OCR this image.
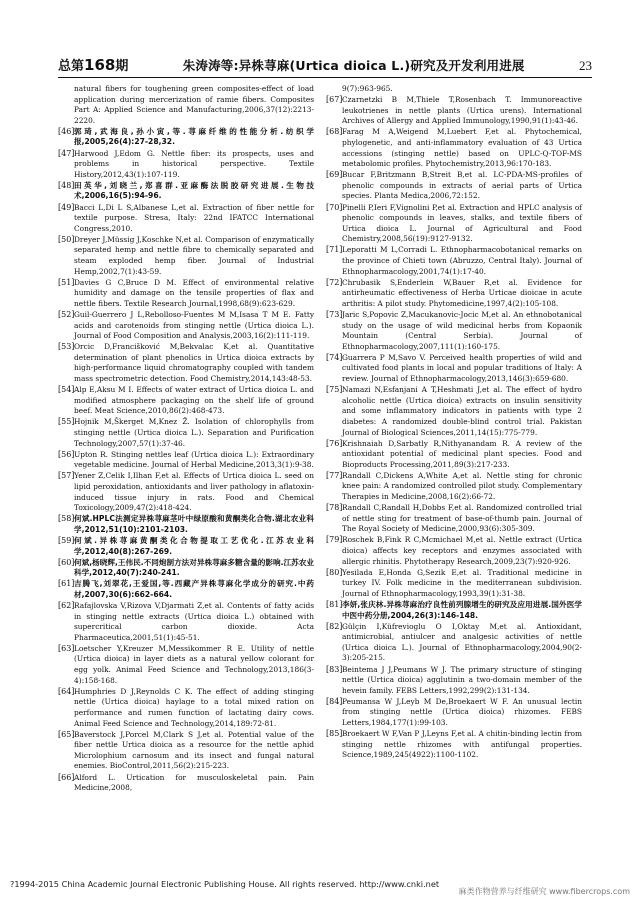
总第168期	朱涛涛等:异株荨麻(Urtica dioica L.)研究及开发利用进展	23
natural fibers for toughening green composites-effect of load application during mercerization of ramie fibers. Composites Part A: Applied Science and Manufacturing,2006,37(12):2213-2220.
[46] 郭琦,武海良,孙小寅,等.荨麻纤维的性能分析.纺织学报,2005,26(4):27-28,32.
[47] Harwood J,Edom G. Nettle fiber: its prospects, uses and problems in historical perspective. Textile History,2012,43(1):107-119.
[48] 田英华,刘晓兰,郑喜群.亚麻酶法脱胶研究进展.生物技术,2006,16(5):94-96.
[49] Bacci L,Di L S,Albanese L,et al. Extraction of fiber nettle for textile purpose. Stresa, Italy: 22nd IFATCC International Congress,2010.
[50] Dreyer J,Müssig J,Koschke N,et al. Comparison of enzymatically separated hemp and nettle fibre to chemically separated and steam exploded hemp fiber. Journal of Industrial Hemp,2002,7(1):43-59.
[51] Davies G C,Bruce D M. Effect of environmental relative humidity and damage on the tensile properties of flax and nettle fibers. Textile Research Journal,1998,68(9):623-629.
[52] Guil-Guerrero J L,Rebolloso-Fuentes M M,Isasa T M E. Fatty acids and carotenoids from stinging nettle (Urtica dioica L.). Journal of Food Composition and Analysis,2003,16(2):111-119.
[53] Orcic D,Francišković M,Bekvalac K,et al. Quantitative determination of plant phenolics in Urtica dioica extracts by high-performance liquid chromatography coupled with tandem mass spectrometric detection. Food Chemistry,2014,143:48-53.
[54] Alp E,Aksu M I. Effects of water extract of Urtica dioica L. and modified atmosphere packaging on the shelf life of ground beef. Meat Science,2010,86(2):468-473.
[55] Hojnik M,Škerget M,Knez Ž. Isolation of chlorophylls from stinging nettle (Urtica dioica L.). Separation and Purification Technology,2007,57(1):37-46.
[56] Upton R. Stinging nettles leaf (Urtica dioica L.): Extraordinary vegetable medicine. Journal of Herbal Medicine,2013,3(1):9-38.
[57] Yener Z,Celik I,Ilhan F,et al. Effects of Urtica dioica L. seed on lipid peroxidation, antioxidants and liver pathology in aflatoxin-induced tissue injury in rats. Food and Chemical Toxicology,2009,47(2):418-424.
[58] 何斌.HPLC法测定异株荨麻茎叶中绿原酸和黄酮类化合物.湖北农业科学,2012,51(10):2101-2103.
[59] 何斌.异株荨麻黄酮类化合物提取工艺优化.江苏农业科学,2012,40(8):267-269.
[60] 何斌,杨晓辉,王伟民.不同炮制方法对异株荨麻多糖含量的影响.江苏农业科学,2012,40(7):240-241.
[61] 吉腾飞,刘翠花,王爱国,等.西藏产异株荨麻化学成分的研究.中药材,2007,30(6):662-664.
[62] Rafajlovska V,Rizova V,Djarmati Z,et al. Contents of fatty acids in stinging nettle extracts (Urtica dioica L.) obtained with supercritical carbon dioxide. Acta Pharmaceutica,2001,51(1):45-51.
[63] Loetscher Y,Kreuzer M,Messikommer R E. Utility of nettle (Urtica dioica) in layer diets as a natural yellow colorant for egg yolk. Animal Feed Science and Technology,2013,186(3-4):158-168.
[64] Humphries D J,Reynolds C K. The effect of adding stinging nettle (Urtica dioica) haylage to a total mixed ration on performance and rumen function of lactating dairy cows. Animal Feed Science and Technology,2014,189:72-81.
[65] Baverstock J,Porcel M,Clark S J,et al. Potential value of the fiber nettle Urtica dioica as a resource for the nettle aphid Microlophium carnosum and its insect and fungal natural enemies. BioControl,2011,56(2):215-223.
[66] Alford L. Urtication for musculoskeletal pain. Pain Medicine,2008,
9(7):963-965.
[67] Czarnetzki B M,Thiele T,Rosenbach T. Immunoreactive leukotrienes in nettle plants (Urtica urens). International Archives of Allergy and Applied Immunology,1990,91(1):43-46.
[68] Farag M A,Weigend M,Luebert F,et al. Phytochemical, phylogenetic, and anti-inflammatory evaluation of 43 Urtica accessions (stinging nettle) based on UPLC-Q-TOF-MS metabolomic profiles. Phytochemistry,2013,96:170-183.
[69] Bucar F,Britzmann B,Streit B,et al. LC-PDA-MS-profiles of phenolic compounds in extracts of aerial parts of Urtica species. Planta Medica,2006,72:152.
[70] Pinelli P,Ieri F,Vignolini P,et al. Extraction and HPLC analysis of phenolic compounds in leaves, stalks, and textile fibers of Urtica dioica L. Journal of Agricultural and Food Chemistry,2008,56(19):9127-9132.
[71] Leporatti M L,Corradi L. Ethnopharmacobotanical remarks on the province of Chieti town (Abruzzo, Central Italy). Journal of Ethnopharmacology,2001,74(1):17-40.
[72] Chrubasik S,Enderlein W,Bauer R,et al. Evidence for antirheumatic effectiveness of Herba Urticae dioicae in acute arthritis: A pilot study. Phytomedicine,1997,4(2):105-108.
[73] Jaric S,Popovic Z,Macukanovic-Jocic M,et al. An ethnobotanical study on the usage of wild medicinal herbs from Kopaonik Mountain (Central Serbia). Journal of Ethnopharmacology,2007,111(1):160-175.
[74] Guarrera P M,Savo V. Perceived health properties of wild and cultivated food plants in local and popular traditions of Italy: A review. Journal of Ethnopharmacology,2013,146(3):659-680.
[75] Namazi N,Esfanjani A T,Heshmati J,et al. The effect of hydro alcoholic nettle (Urtica dioica) extracts on insulin sensitivity and some inflammatory indicators in patients with type 2 diabetes: A randomized double-blind control trial. Pakistan Journal of Biological Sciences,2011,14(15):775-779.
[76] Krishnaiah D,Sarbatly R,Nithyanandam R. A review of the antioxidant potential of medicinal plant species. Food and Bioproducts Processing,2011,89(3):217-233.
[77] Randall C,Dickens A,White A,et al. Nettle sting for chronic knee pain: A randomized controlled pilot study. Complementary Therapies in Medicine,2008,16(2):66-72.
[78] Randall C,Randall H,Dobbs F,et al. Randomized controlled trial of nettle sting for treatment of base-of-thumb pain. Journal of The Royal Society of Medicine,2000,93(6):305-309.
[79] Roschek B,Fink R C,Mcmichael M,et al. Nettle extract (Urtica dioica) affects key receptors and enzymes associated with allergic rhinitis. Phytotherapy Research,2009,23(7):920-926.
[80] Yesilada E,Honda G,Sezik E,et al. Traditional medicine in turkey IV. Folk medicine in the mediterranean subdivision. Journal of Ethnopharmacology,1993,39(1):31-38.
[81] 李妍,张庆林.异株荨麻治疗良性前列腺增生的研究及应用进展.国外医学中医中药分册,2004,26(3):146-148.
[82] Gülçin I,Küfrevioglu O I,Oktay M,et al. Antioxidant, antimicrobial, antiulcer and analgesic activities of nettle (Urtica dioica L.). Journal of Ethnopharmacology,2004,90(2-3):205-215.
[83] Beintema J J,Peumans W J. The primary structure of stinging nettle (Urtica dioica) agglutinin a two-domain member of the hevein family. FEBS Letters,1992,299(2):131-134.
[84] Peumansa W J,Leyb M De,Broekaert W F. An unusual lectin from stinging nettle (Urtica dioica) rhizomes. FEBS Letters,1984,177(1):99-103.
[85] Broekaert W F,Van P J,Leyns F,et al. A chitin-binding lectin from stinging nettle rhizomes with antifungal properties. Science,1989,245(4922):1100-1102.
?1994-2015 China Academic Journal Electronic Publishing House. All rights reserved. http://www.cnki.net
麻类作物营养与纤维研究 www.fibercrops.com
